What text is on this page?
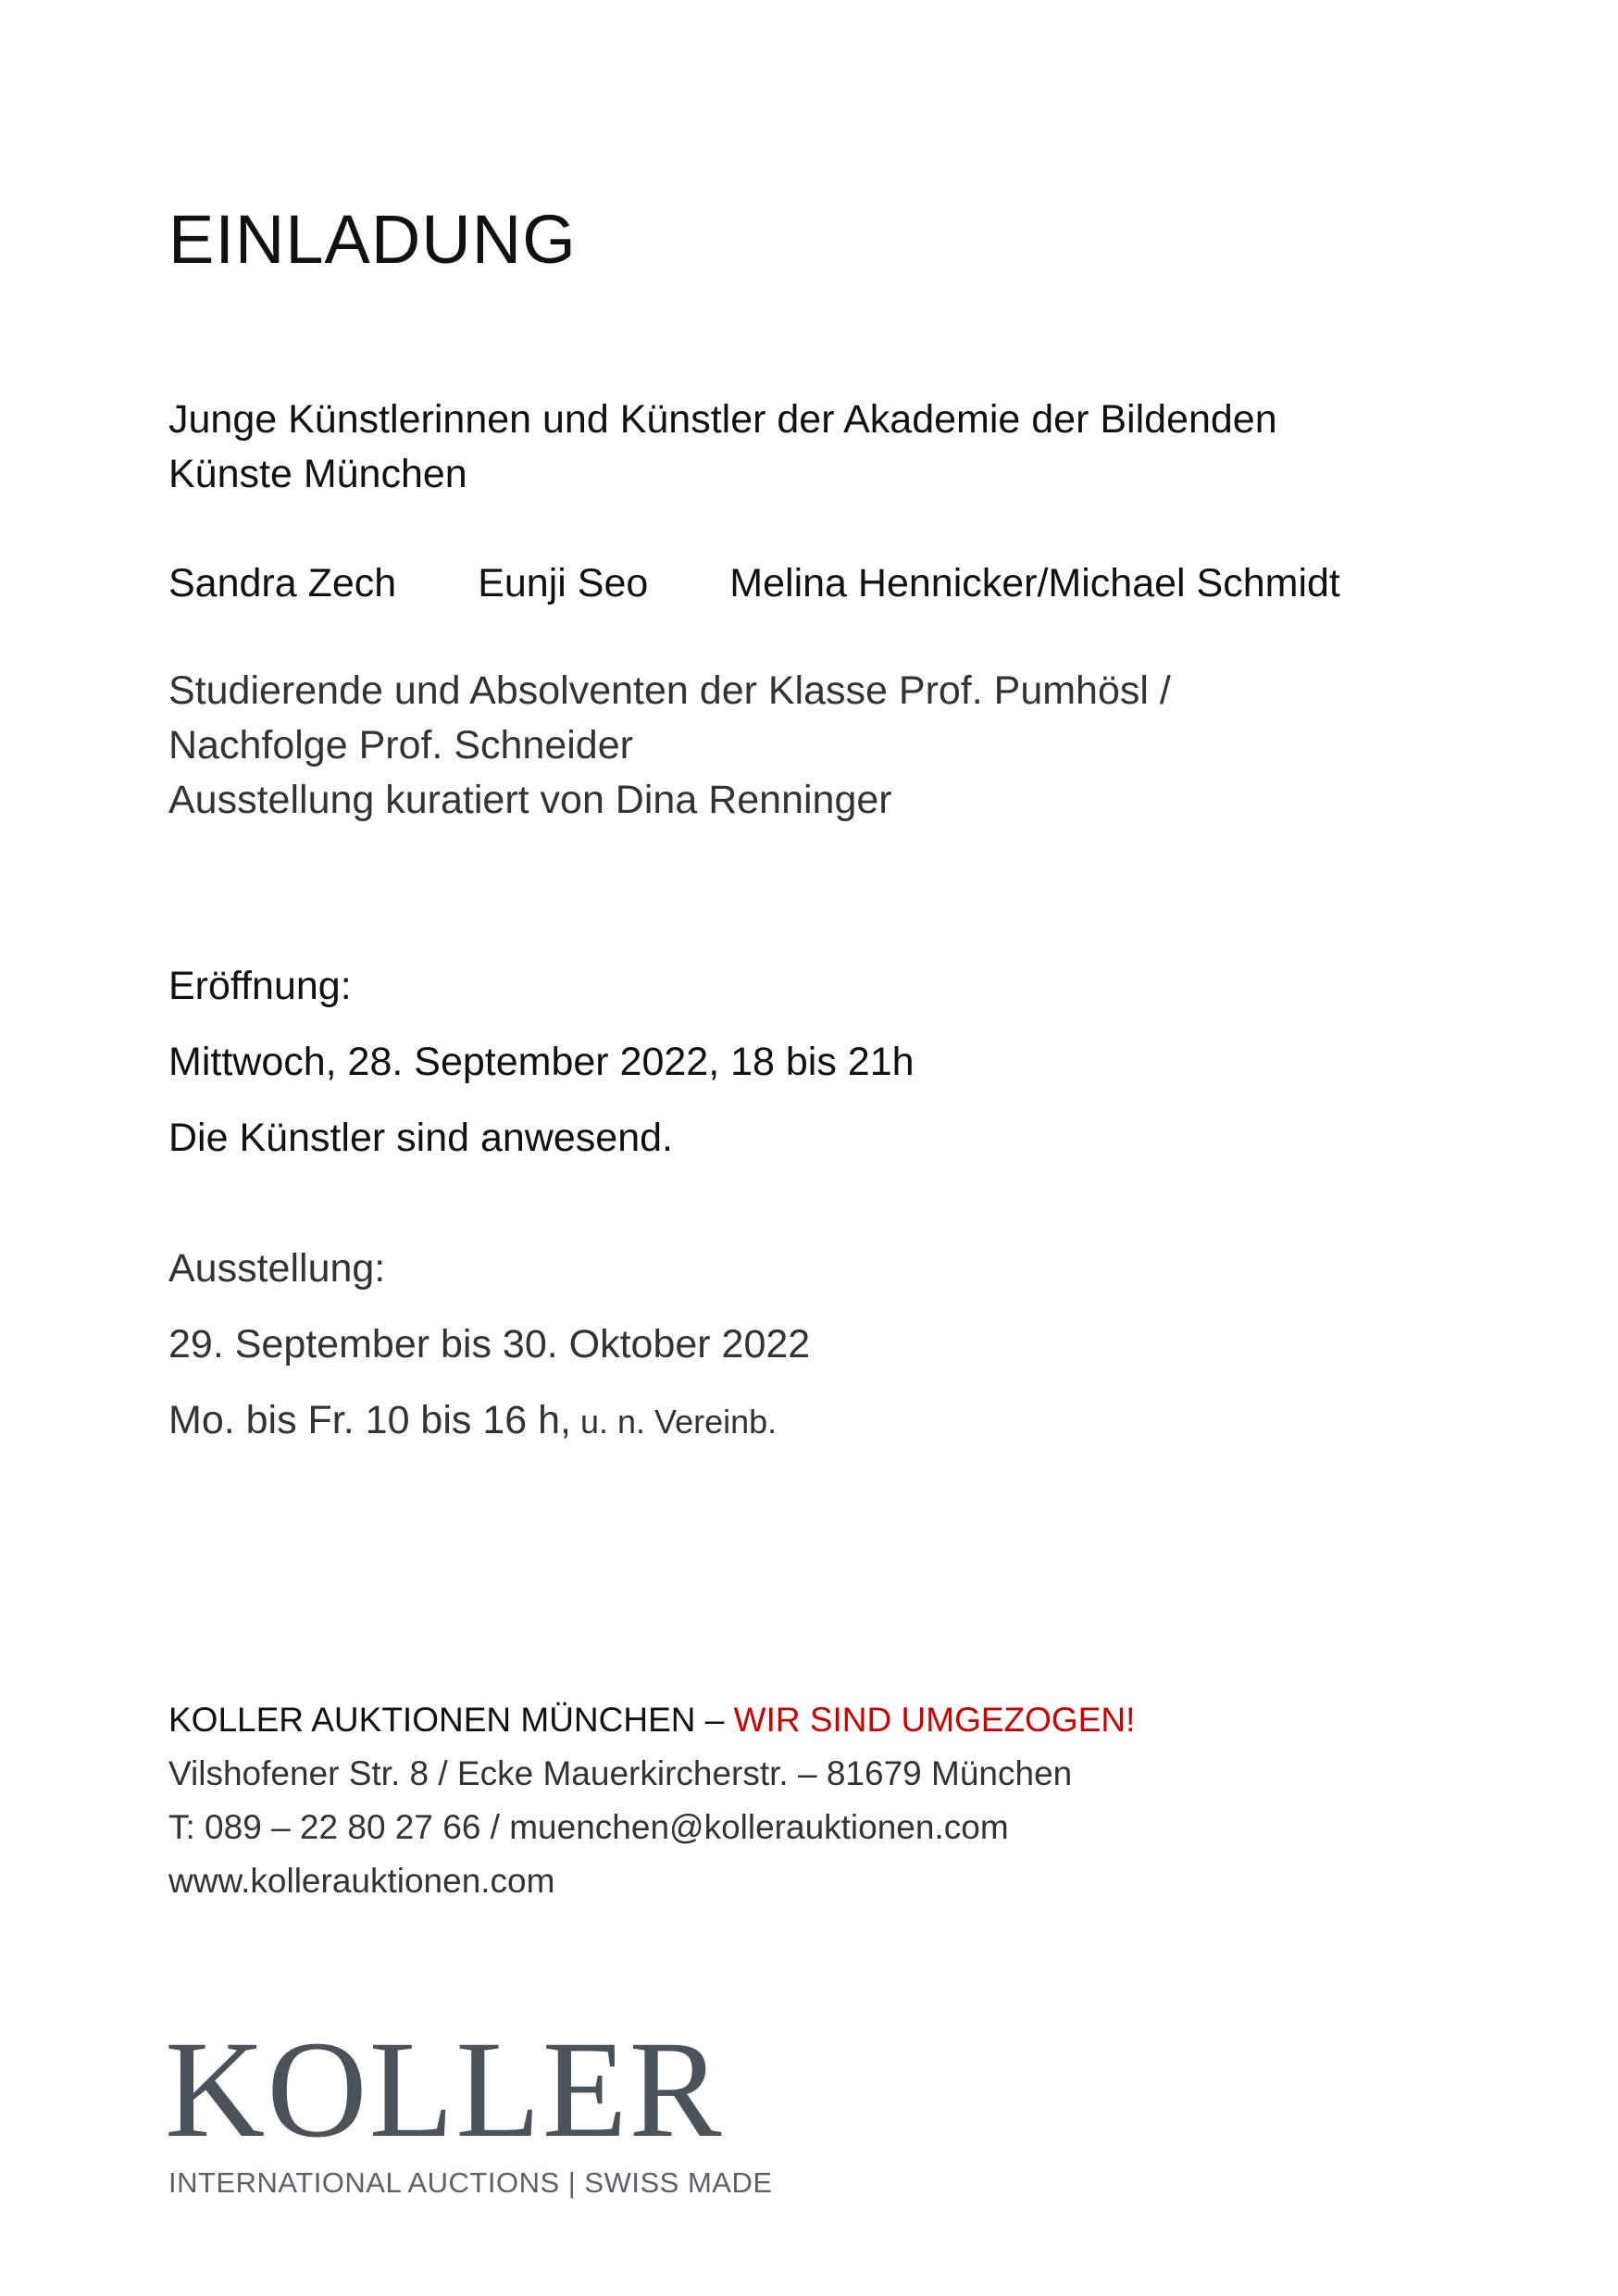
EINLADUNG
Junge Künstlerinnen und Künstler der Akademie der Bildenden
Künste München
Sandra Zech Eunji Seo Melina Hennicker/Michael Schmidt
Studierende und Absolventen der Klasse Prof. Pumhösl /
Nachfolge Prof. Schneider
Ausstellung kuratiert von Dina Renninger
Eröffnung:
Mittwoch, 28. September 2022, 18 bis 21h
Die Künstler sind anwesend.
Ausstellung:
29. September bis 30. Oktober 2022
Mo. bis Fr. 10 bis 16 h, u. n. Vereinb.
KOLLER AUKTIONEN MÜNCHEN – WIR SIND UMGEZOGEN!
Vilshofener Str. 8 / Ecke Mauerkircherstr. – 81679 München
T: 089 – 22 80 27 66 / muenchen@kollerauktionen.com
www.kollerauktionen.com
KOLLER
INTERNATIONAL AUCTIONS | SWISS MADE
